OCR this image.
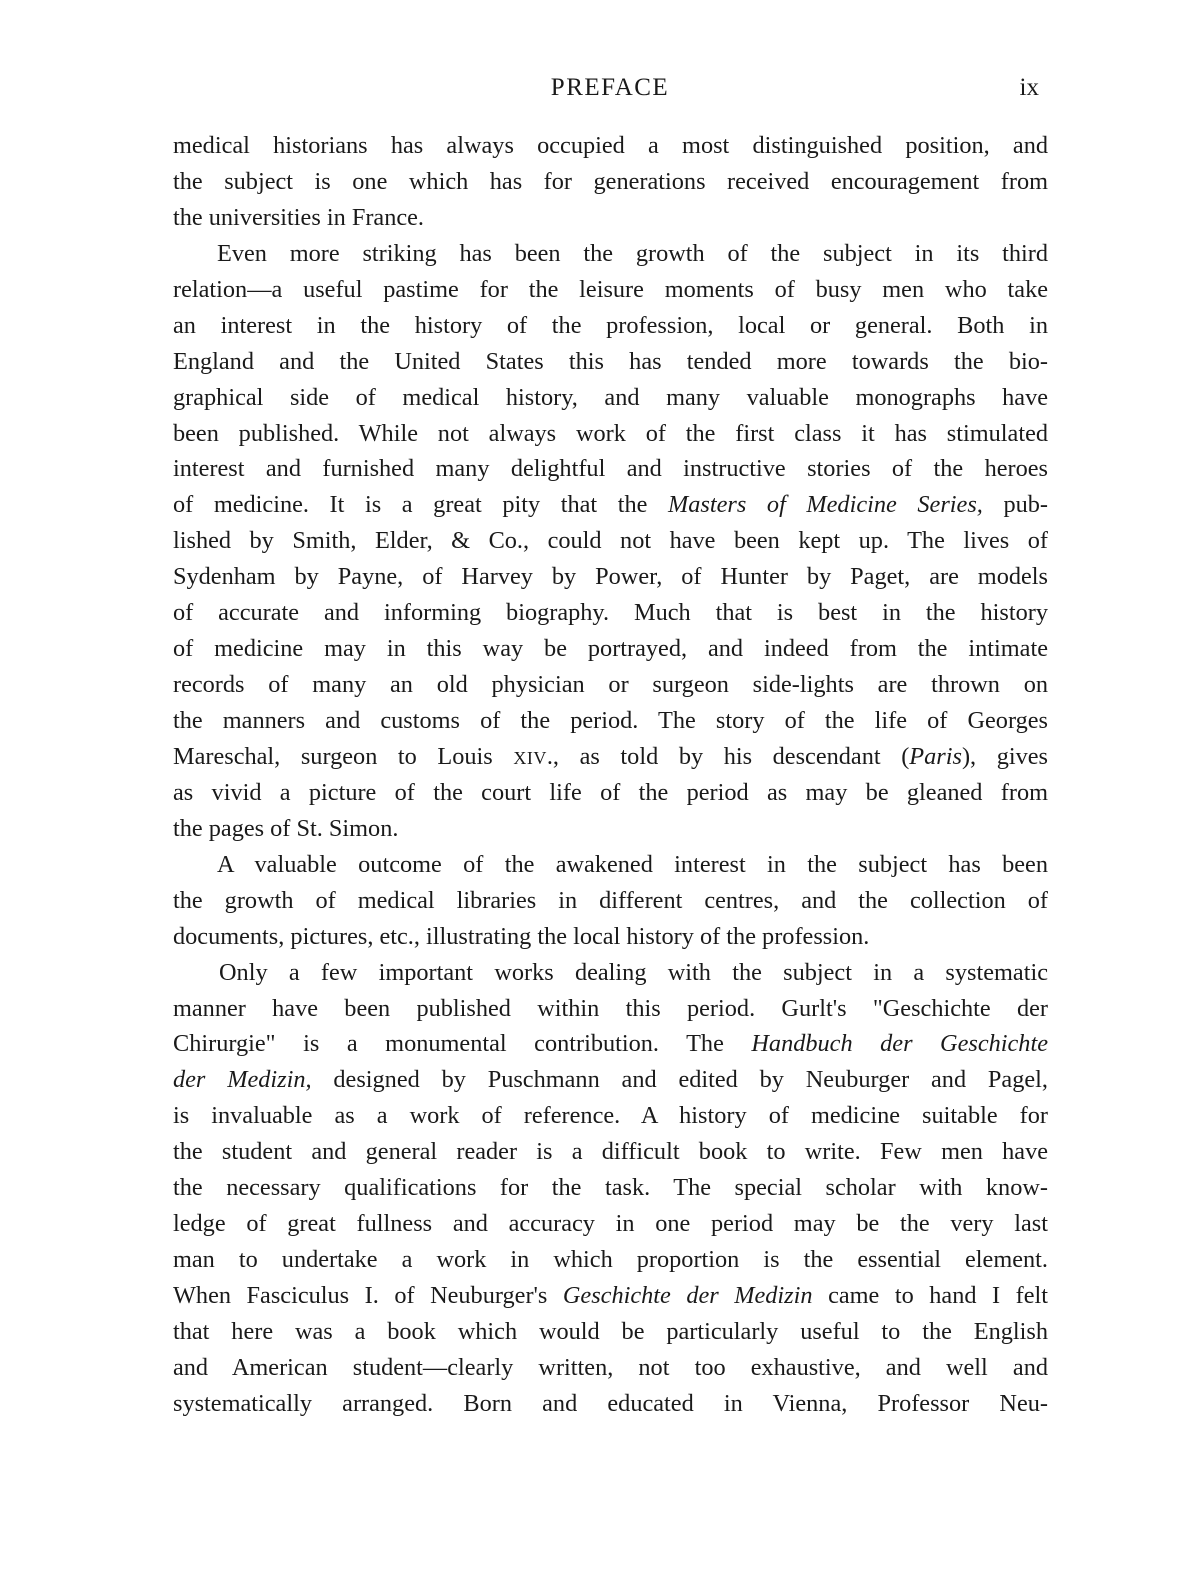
PREFACE	ix
medical historians has always occupied a most distinguished position, and
the subject is one which has for generations received encouragement from
the universities in France.
Even more striking has been the growth of the subject in its third
relation—a useful pastime for the leisure moments of busy men who take
an interest in the history of the profession, local or general. Both in
England and the United States this has tended more towards the bio-
graphical side of medical history, and many valuable monographs have
been published. While not always work of the first class it has stimulated
interest and furnished many delightful and instructive stories of the heroes
of medicine. It is a great pity that the Masters of Medicine Series, pub-
lished by Smith, Elder, & Co., could not have been kept up. The lives of
Sydenham by Payne, of Harvey by Power, of Hunter by Paget, are models
of accurate and informing biography. Much that is best in the history
of medicine may in this way be portrayed, and indeed from the intimate
records of many an old physician or surgeon side-lights are thrown on
the manners and customs of the period. The story of the life of Georges
Mareschal, surgeon to Louis XIV., as told by his descendant (Paris), gives
as vivid a picture of the court life of the period as may be gleaned from
the pages of St. Simon.
A valuable outcome of the awakened interest in the subject has been
the growth of medical libraries in different centres, and the collection of
documents, pictures, etc., illustrating the local history of the profession.
Only a few important works dealing with the subject in a systematic
manner have been published within this period. Gurlt's "Geschichte der
Chirurgie" is a monumental contribution. The Handbuch der Geschichte
der Medizin, designed by Puschmann and edited by Neuburger and Pagel,
is invaluable as a work of reference. A history of medicine suitable for
the student and general reader is a difficult book to write. Few men have
the necessary qualifications for the task. The special scholar with know-
ledge of great fullness and accuracy in one period may be the very last
man to undertake a work in which proportion is the essential element.
When Fasciculus I. of Neuburger's Geschichte der Medizin came to hand I felt
that here was a book which would be particularly useful to the English
and American student—clearly written, not too exhaustive, and well and
systematically arranged. Born and educated in Vienna, Professor Neu-
